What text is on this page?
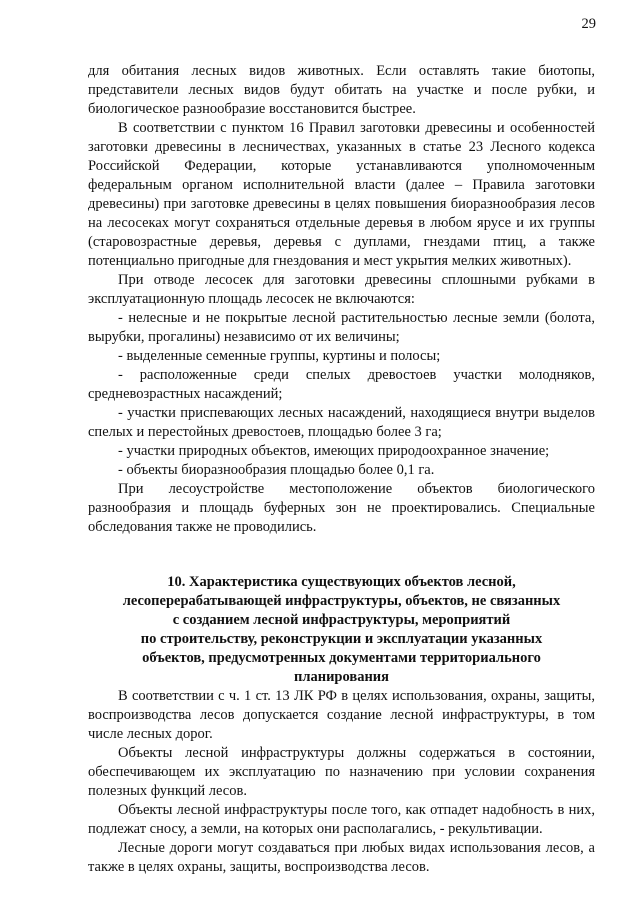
29

для обитания лесных видов животных. Если оставлять такие биотопы, представители лесных видов будут обитать на участке и после рубки, и биологическое разнообразие восстановится быстрее.

В соответствии с пунктом 16 Правил заготовки древесины и особенностей заготовки древесины в лесничествах, указанных в статье 23 Лесного кодекса Российской Федерации, которые устанавливаются уполномоченным федеральным органом исполнительной власти (далее – Правила заготовки древесины) при заготовке древесины в целях повышения биоразнообразия лесов на лесосеках могут сохраняться отдельные деревья в любом ярусе и их группы (старовозрастные деревья, деревья с дуплами, гнездами птиц, а также потенциально пригодные для гнездования и мест укрытия мелких животных).

При отводе лесосек для заготовки древесины сплошными рубками в эксплуатационную площадь лесосек не включаются:

- нелесные и не покрытые лесной растительностью лесные земли (болота, вырубки, прогалины) независимо от их величины;

- выделенные семенные группы, куртины и полосы;

- расположенные среди спелых древостоев участки молодняков, средневозрастных насаждений;

- участки приспевающих лесных насаждений, находящиеся внутри выделов спелых и перестойных древостоев, площадью более 3 га;

- участки природных объектов, имеющих природоохранное значение;

- объекты биоразнообразия площадью более 0,1 га.

При лесоустройстве местоположение объектов биологического разнообразия и площадь буферных зон не проектировались. Специальные обследования также не проводились.

10. Характеристика существующих объектов лесной,
лесоперерабатывающей инфраструктуры, объектов, не связанных
с созданием лесной инфраструктуры, мероприятий
по строительству, реконструкции и эксплуатации указанных
объектов, предусмотренных документами территориального
планирования

В соответствии с ч. 1 ст. 13 ЛК РФ в целях использования, охраны, защиты, воспроизводства лесов допускается создание лесной инфраструктуры, в том числе лесных дорог.

Объекты лесной инфраструктуры должны содержаться в состоянии, обеспечивающем их эксплуатацию по назначению при условии сохранения полезных функций лесов.

Объекты лесной инфраструктуры после того, как отпадет надобность в них, подлежат сносу, а земли, на которых они располагались, - рекультивации.

Лесные дороги могут создаваться при любых видах использования лесов, а также в целях охраны, защиты, воспроизводства лесов.
